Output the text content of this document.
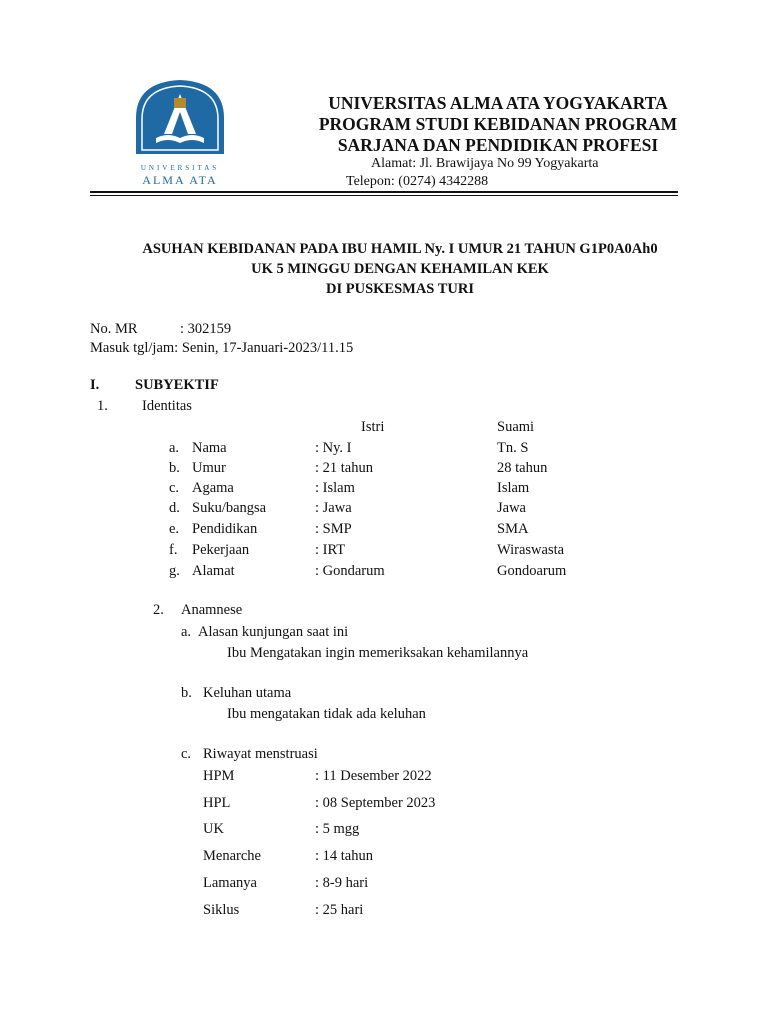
UNIVERSITAS
ALMA ATA
UNIVERSITAS ALMA ATA YOGYAKARTA
PROGRAM STUDI KEBIDANAN PROGRAM
SARJANA DAN PENDIDIKAN PROFESI
Alamat: Jl. Brawijaya No 99 Yogyakarta
Telepon: (0274) 4342288
ASUHAN KEBIDANAN PADA IBU HAMIL Ny. I UMUR 21 TAHUN G1P0A0Ah0
UK 5 MINGGU DENGAN KEHAMILAN KEK
DI PUSKESMAS TURI
No. MR	: 302159
Masuk tgl/jam: Senin, 17-Januari-2023/11.15
I. SUBYEKTIF
1. Identitas
Istri	Suami
a. Nama	: Ny. I	Tn. S
b. Umur	: 21 tahun	28 tahun
c. Agama	: Islam	Islam
d. Suku/bangsa	: Jawa	Jawa
e. Pendidikan	: SMP	SMA
f. Pekerjaan	: IRT	Wiraswasta
g. Alamat	: Gondarum	Gondoarum
2. Anamnese
a. Alasan kunjungan saat ini
Ibu Mengatakan ingin memeriksakan kehamilannya
b. Keluhan utama
Ibu mengatakan tidak ada keluhan
c. Riwayat menstruasi
HPM	: 11 Desember 2022
HPL	: 08 September 2023
UK	: 5 mgg
Menarche	: 14 tahun
Lamanya	: 8-9 hari
Siklus	: 25 hari
